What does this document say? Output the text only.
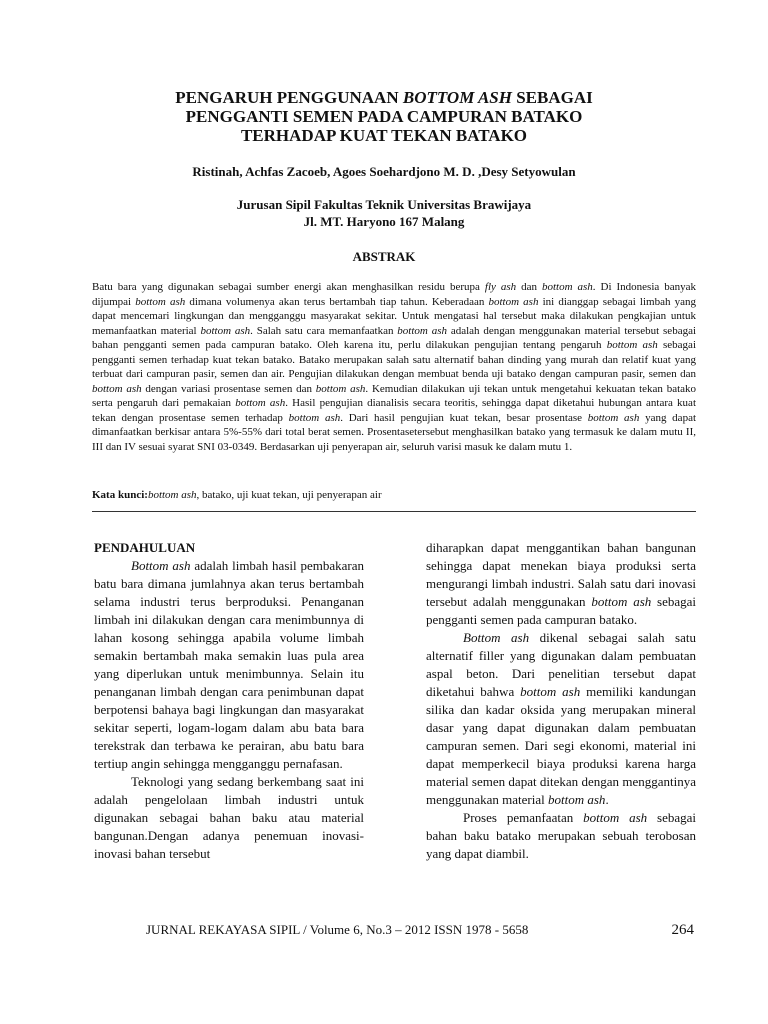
PENGARUH PENGGUNAAN BOTTOM ASH SEBAGAI
PENGGANTI SEMEN PADA CAMPURAN BATAKO
TERHADAP KUAT TEKAN BATAKO
Ristinah, Achfas Zacoeb, Agoes Soehardjono M. D. ,Desy Setyowulan
Jurusan Sipil Fakultas Teknik Universitas Brawijaya
Jl. MT. Haryono 167 Malang
ABSTRAK

Batu bara yang digunakan sebagai sumber energi akan menghasilkan residu berupa fly ash dan bottom ash. Di Indonesia banyak dijumpai bottom ash dimana volumenya akan terus bertambah tiap tahun. Keberadaan bottom ash ini dianggap sebagai limbah yang dapat mencemari lingkungan dan mengganggu masyarakat sekitar. Untuk mengatasi hal tersebut maka dilakukan pengkajian untuk memanfaatkan material bottom ash. Salah satu cara memanfaatkan bottom ash adalah dengan menggunakan material tersebut sebagai bahan pengganti semen pada campuran batako. Oleh karena itu, perlu dilakukan pengujian tentang pengaruh bottom ash sebagai pengganti semen terhadap kuat tekan batako. Batako merupakan salah satu alternatif bahan dinding yang murah dan relatif kuat yang terbuat dari campuran pasir, semen dan air. Pengujian dilakukan dengan membuat benda uji batako dengan campuran pasir, semen dan bottom ash dengan variasi prosentase semen dan bottom ash. Kemudian dilakukan uji tekan untuk mengetahui kekuatan tekan batako serta pengaruh dari pemakaian bottom ash. Hasil pengujian dianalisis secara teoritis, sehingga dapat diketahui hubungan antara kuat tekan dengan prosentase semen terhadap bottom ash. Dari hasil pengujian kuat tekan, besar prosentase bottom ash yang dapat dimanfaatkan berkisar antara 5%-55% dari total berat semen. Prosentasetersebut menghasilkan batako yang termasuk ke dalam mutu II, III dan IV sesuai syarat SNI 03-0349. Berdasarkan uji penyerapan air, seluruh varisi masuk ke dalam mutu 1.

Kata kunci:bottom ash, batako, uji kuat tekan, uji penyerapan air

PENDAHULUAN

Bottom ash adalah limbah hasil pembakaran batu bara dimana jumlahnya akan terus bertambah selama industri terus berproduksi. Penanganan limbah ini dilakukan dengan cara menimbunnya di lahan kosong sehingga apabila volume limbah semakin bertambah maka semakin luas pula area yang diperlukan untuk menimbunnya. Selain itu penanganan limbah dengan cara penimbunan dapat berpotensi bahaya bagi lingkungan dan masyarakat sekitar seperti, logam-logam dalam abu bata bara terekstrak dan terbawa ke perairan, abu batu bara tertiup angin sehingga mengganggu pernafasan.

Teknologi yang sedang berkembang saat ini adalah pengelolaan limbah industri untuk digunakan sebagai bahan baku atau material bangunan.Dengan adanya penemuan inovasi-inovasi bahan tersebut

diharapkan dapat menggantikan bahan bangunan sehingga dapat menekan biaya produksi serta mengurangi limbah industri. Salah satu dari inovasi tersebut adalah menggunakan bottom ash sebagai pengganti semen pada campuran batako.

Bottom ash dikenal sebagai salah satu alternatif filler yang digunakan dalam pembuatan aspal beton. Dari penelitian tersebut dapat diketahui bahwa bottom ash memiliki kandungan silika dan kadar oksida yang merupakan mineral dasar yang dapat digunakan dalam pembuatan campuran semen. Dari segi ekonomi, material ini dapat memperkecil biaya produksi karena harga material semen dapat ditekan dengan menggantinya menggunakan material bottom ash.

Proses pemanfaatan bottom ash sebagai bahan baku batako merupakan sebuah terobosan yang dapat diambil.

JURNAL REKAYASA SIPIL / Volume 6, No.3 – 2012 ISSN 1978 - 5658	264
